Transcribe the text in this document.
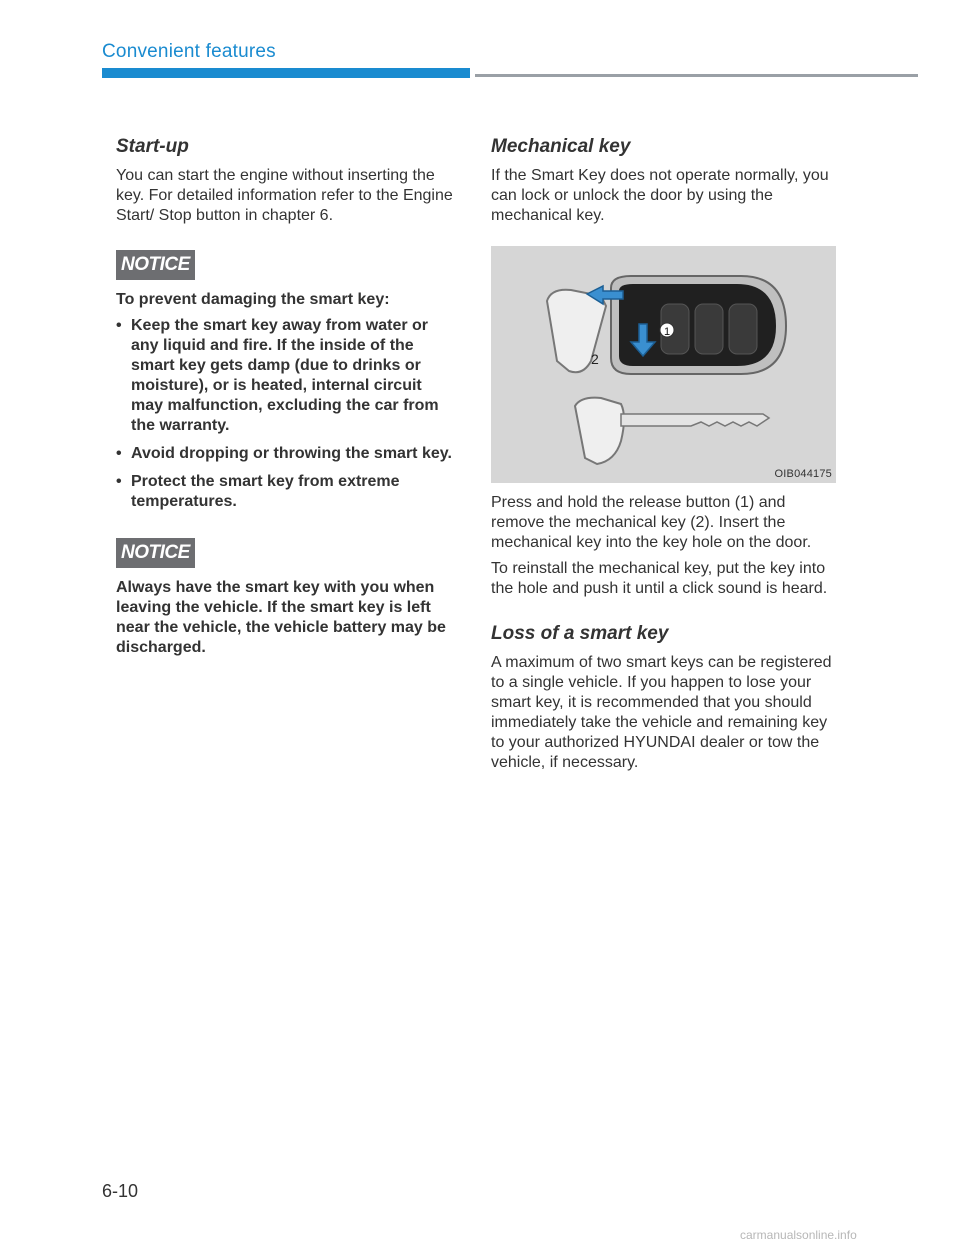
Convenient features
Start-up

You can start the engine without inserting the key. For detailed information refer to the Engine Start/ Stop button in chapter 6.

NOTICE
To prevent damaging the smart key:
• Keep the smart key away from water or any liquid and fire. If the inside of the smart key gets damp (due to drinks or moisture), or is heated, internal circuit may malfunction, excluding the car from the warranty.
• Avoid dropping or throwing the smart key.
• Protect the smart key from extreme temperatures.
NOTICE
Always have the smart key with you when leaving the vehicle. If the smart key is left near the vehicle, the vehicle battery may be discharged.
Mechanical key

If the Smart Key does not operate normally, you can lock or unlock the door by using the mechanical key.

1
2
OIB044175

Press and hold the release button (1) and remove the mechanical key (2). Insert the mechanical key into the key hole on the door.

To reinstall the mechanical key, put the key into the hole and push it until a click sound is heard.

Loss of a smart key

A maximum of two smart keys can be registered to a single vehicle. If you happen to lose your smart key, it is recommended that you should immediately take the vehicle and remaining key to your authorized HYUNDAI dealer or tow the vehicle, if necessary.

6-10
carmanualsonline.info
